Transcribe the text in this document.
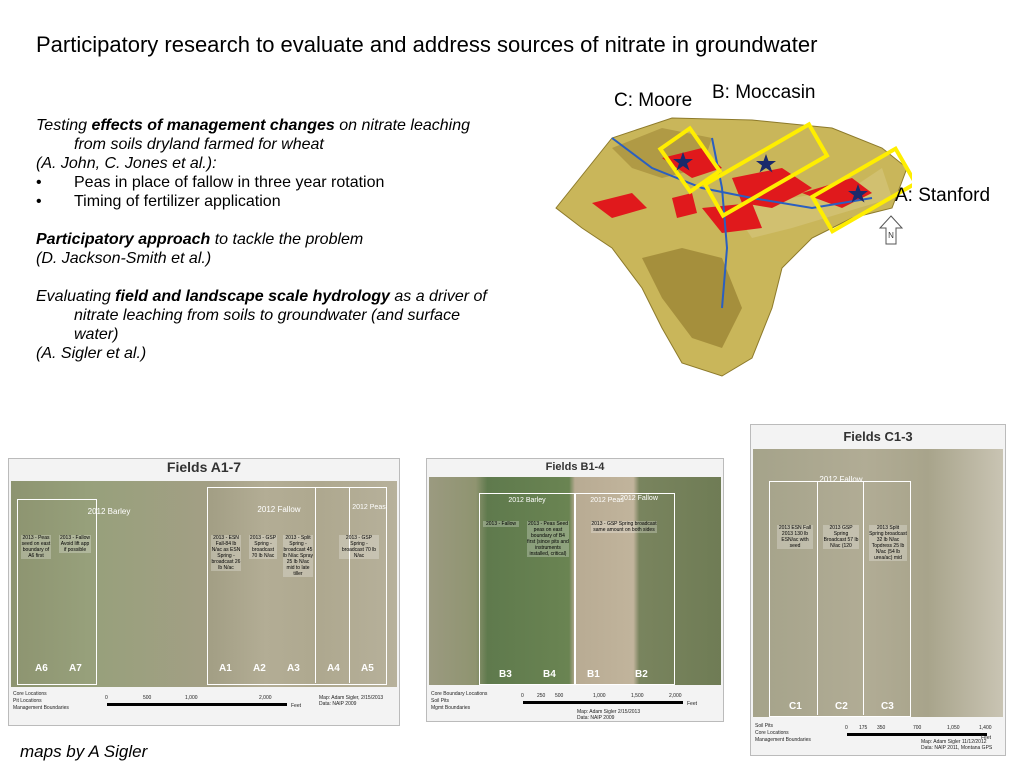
Participatory research to evaluate and address sources of nitrate in groundwater

Testing effects of management changes on nitrate leaching from soils dryland farmed for wheat

(A. John, C. Jones et al.):

•	Peas in place of fallow in three year rotation
•	Timing of fertilizer application

Participatory approach to tackle the problem

(D. Jackson-Smith et al.)

Evaluating field and landscape scale hydrology as a driver of nitrate leaching from soils to groundwater (and surface water)

(A. Sigler et al.)

C: Moore B: Moccasin
A: Stanford
N
Fields A1-7
2012 Barley	2012 Fallow	2012 Peas
2013 - Peas seed on east boundary of A6 first
2013 - Fallow Avoid lift app if possible
2013 - ESN Fall-84 lb N/ac as ESN Spring -broadcast 26 lb N/ac
2013 - GSP Spring - broadcast 70 lb N/ac
2013 - Split Spring - broadcast 45 lb N/ac Spray 25 lb N/ac mid to late tiller
2013 - GSP Spring - broadcast 70 lb N/ac
A6 A7	A1 A2 A3	A4 A5
Core Locations
Pit Locations
Management Boundaries
0	500	1,000	2,000
Feet
Map: Adam Sigler, 2/15/2013
Data: NAIP 2009
Fields B1-4
2012 Barley	2012 Peas
2012 Fallow
2013 - Fallow	2013 - Peas Seed peas on east boundary of B4 first (since pits and instruments installed, critical)
2013 - GSP Spring broadcast same amount on both sides
B3	B4	B1	B2
Core Boundary Locations
Soil Pits
Mgmt Boundaries
0	250 500	1,000	1,500	2,000
Feet
Map: Adam Sigler 2/15/2013
Data: NAIP 2009
Fields C1-3
2012 Fallow
2013 ESN Fall 2013 130 lb ESN/ac with seed
2013 GSP Spring Broadcast 57 lb N/ac (120
2013 Split Spring broadcast 32 lb N/ac Topdress 25 lb N/ac (54 lb urea/ac) mid
C1	C2	C3
Soil Pits
Core Locations
Management Boundaries
0 175 350	700	1,050	1,400
Feet
Map: Adam Sigler 11/12/2012
Data: NAIP 2011, Montana GPS
maps by A Sigler
